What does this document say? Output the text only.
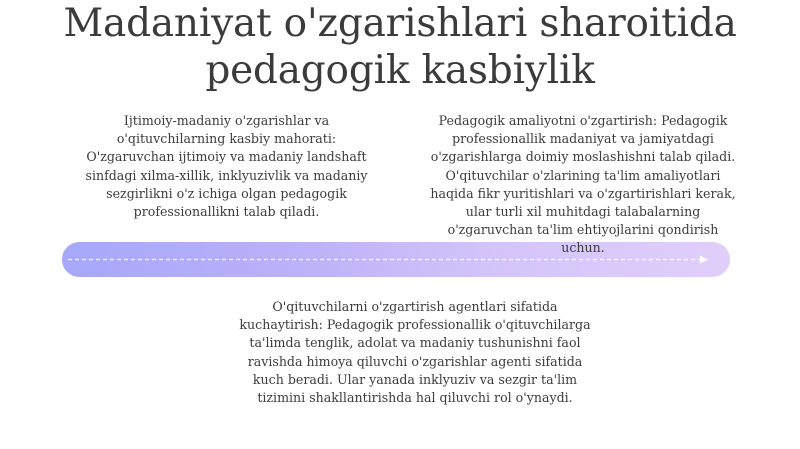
Madaniyat o'zgarishlari sharoitida pedagogik kasbiylik

Ijtimoiy-madaniy o'zgarishlar va o'qituvchilarning kasbiy mahorati: O'zgaruvchan ijtimoiy va madaniy landshaft sinfdagi xilma-xillik, inklyuzivlik va madaniy sezgirlikni o'z ichiga olgan pedagogik professionallikni talab qiladi.

Pedagogik amaliyotni o'zgartirish: Pedagogik professionallik madaniyat va jamiyatdagi o'zgarishlarga doimiy moslashishni talab qiladi. O'qituvchilar o'zlarining ta'lim amaliyotlari haqida fikr yuritishlari va o'zgartirishlari kerak, ular turli xil muhitdagi talabalarning o'zgaruvchan ta'lim ehtiyojlarini qondirish uchun.

O'qituvchilarni o'zgartirish agentlari sifatida kuchaytirish: Pedagogik professionallik o'qituvchilarga ta'limda tenglik, adolat va madaniy tushunishni faol ravishda himoya qiluvchi o'zgarishlar agenti sifatida kuch beradi. Ular yanada inklyuziv va sezgir ta'lim tizimini shakllantirishda hal qiluvchi rol o'ynaydi.
